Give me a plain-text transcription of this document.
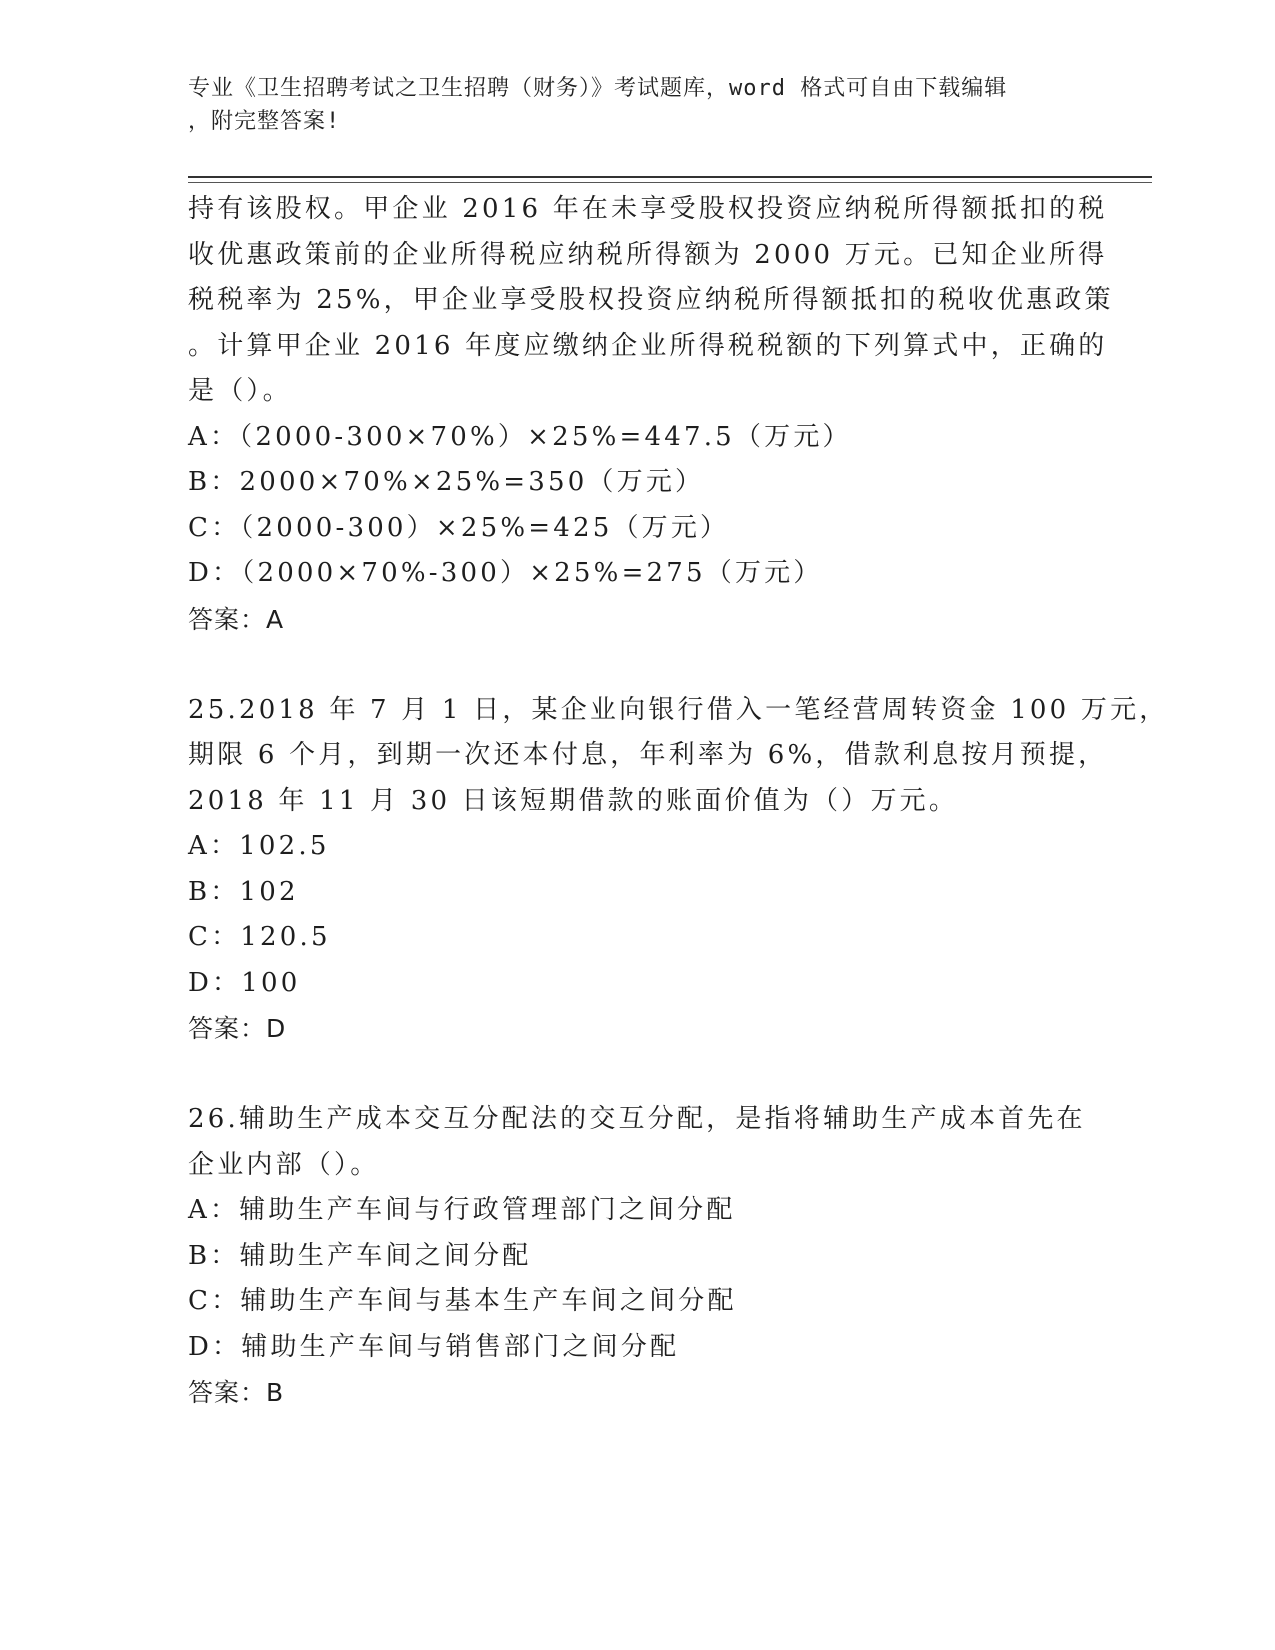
专业《卫生招聘考试之卫生招聘（财务）》考试题库，word 格式可自由下载编辑
，附完整答案!
持有该股权。甲企业 2016 年在未享受股权投资应纳税所得额抵扣的税
收优惠政策前的企业所得税应纳税所得额为 2000 万元。已知企业所得
税税率为 25%，甲企业享受股权投资应纳税所得额抵扣的税收优惠政策
。计算甲企业 2016 年度应缴纳企业所得税税额的下列算式中，正确的
是（）。
A：（2000-300×70%）×25%=447.5（万元）
B：2000×70%×25%=350（万元）
C：（2000-300）×25%=425（万元）
D：（2000×70%-300）×25%=275（万元）
答案：A
25.2018 年 7 月 1 日，某企业向银行借入一笔经营周转资金 100 万元，
期限 6 个月，到期一次还本付息，年利率为 6%，借款利息按月预提，
2018 年 11 月 30 日该短期借款的账面价值为（）万元。
A：102.5
B：102
C：120.5
D：100
答案：D
26.辅助生产成本交互分配法的交互分配，是指将辅助生产成本首先在
企业内部（）。
A：辅助生产车间与行政管理部门之间分配
B：辅助生产车间之间分配
C：辅助生产车间与基本生产车间之间分配
D：辅助生产车间与销售部门之间分配
答案：B
